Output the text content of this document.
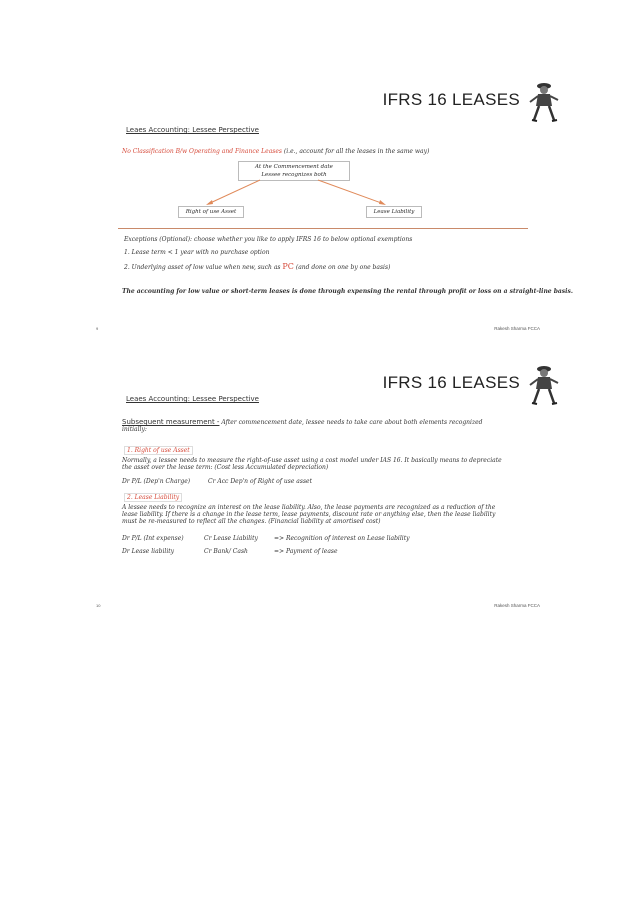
IFRS 16 LEASES
Leaes Accounting: Lessee Perspective
No Classification B/w Operating and Finance Leases (i.e., account for all the leases in the same way)
At the Commencement date
Lessee recognizes both
Right of use Asset	Lease Liability
Exceptions (Optional): choose whether you like to apply IFRS 16 to below optional exemptions
1. Lease term < 1 year with no purchase option
2. Underlying asset of low value when new, such as PC (and done on one by one basis)
The accounting for low value or short-term leases is done through expensing the rental through profit or loss on a straight-line basis.
9	Rakesh Sharma FCCA
IFRS 16 LEASES
Leaes Accounting: Lessee Perspective
Subsequent measurement - After commencement date, lessee needs to take care about both elements recognized initially:
1. Right of use Asset
Normally, a lessee needs to measure the right-of-use asset using a cost model under IAS 16. It basically means to depreciate the asset over the lease term: (Cost less Accumulated depreciation)
Dr P/L (Dep'n Charge)	Cr Acc Dep'n of Right of use asset
2. Lease Liability
A lessee needs to recognize an interest on the lease liability. Also, the lease payments are recognized as a reduction of the lease liability. If there is a change in the lease term, lease payments, discount rate or anything else, then the lease liability must be re-measured to reflect all the changes. (Financial liability at amortised cost)
Dr P/L (Int expense)	Cr Lease Liability	=> Recognition of interest on Lease liability
Dr Lease liability	Cr Bank/ Cash	=> Payment of lease
10	Rakesh Sharma FCCA
